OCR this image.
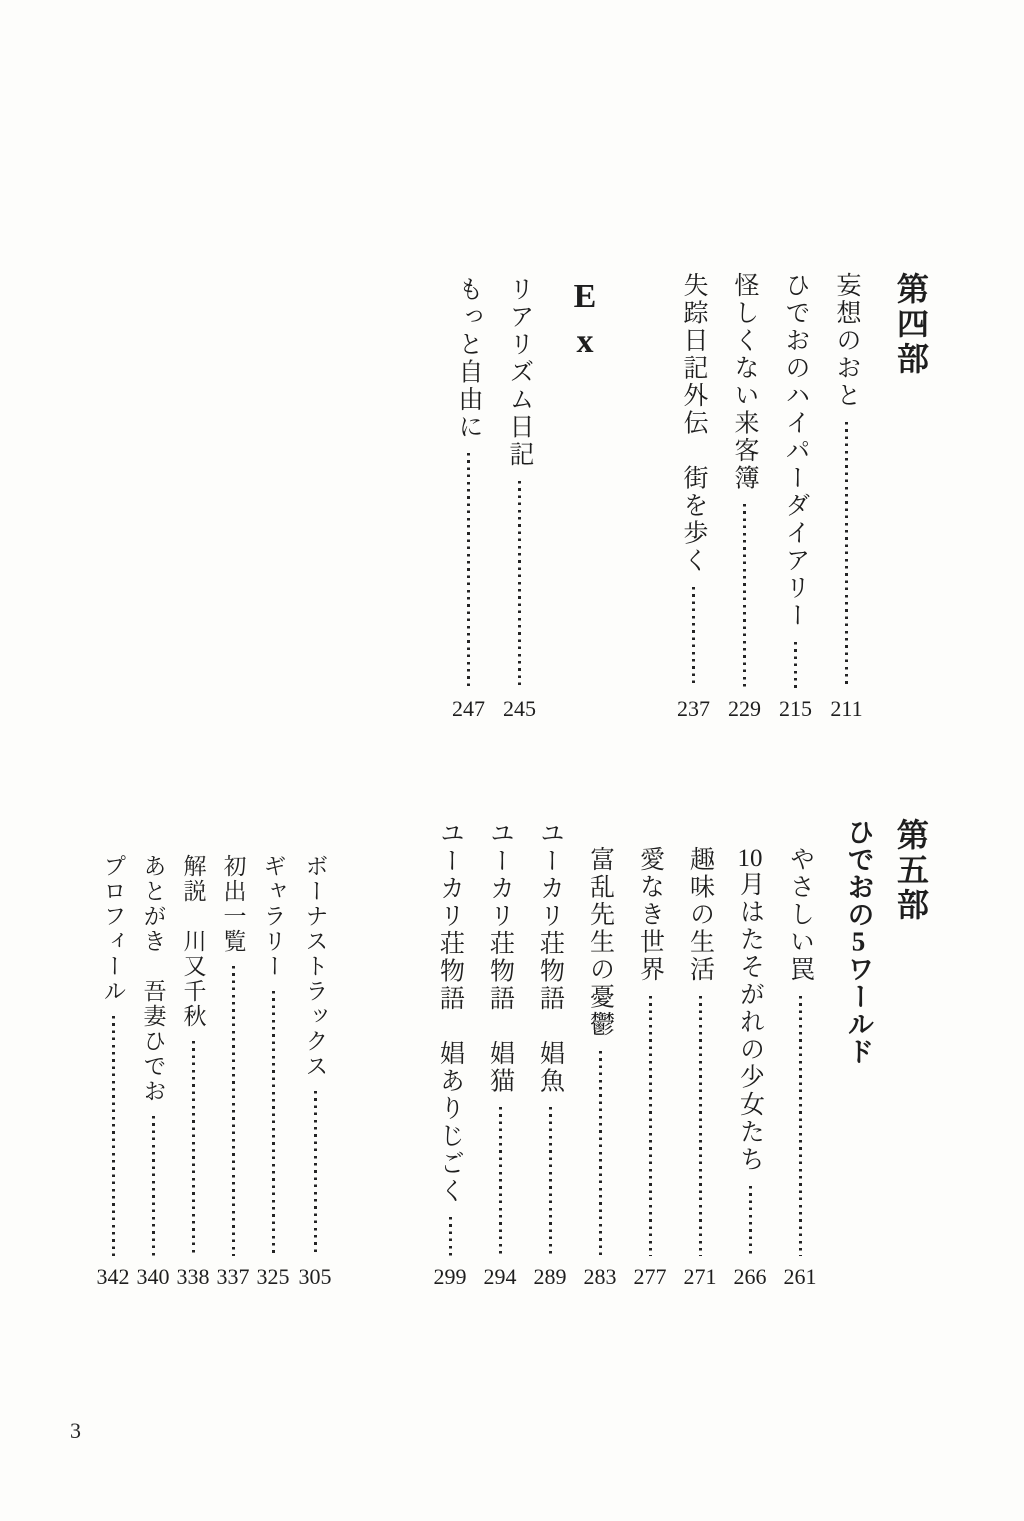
第四部
妄想のおと
211
ひでおのハイパーダイアリー
215
怪しくない来客簿
229
失踪日記外伝　街を歩く
237
Ex
リアリズム日記
245
もっと自由に
247
第五部
ひでおの5ワールド
やさしい罠
261
10月はたそがれの少女たち
266
趣味の生活
271
愛なき世界
277
富乱先生の憂鬱
283
ユーカリ荘物語　娼魚
289
ユーカリ荘物語　娼猫
294
ユーカリ荘物語　娼ありじごく
299
ボーナストラックス
305
ギャラリー
325
初出一覧
337
解説　川又千秋
338
あとがき　吾妻ひでお
340
プロフィール
342
3
